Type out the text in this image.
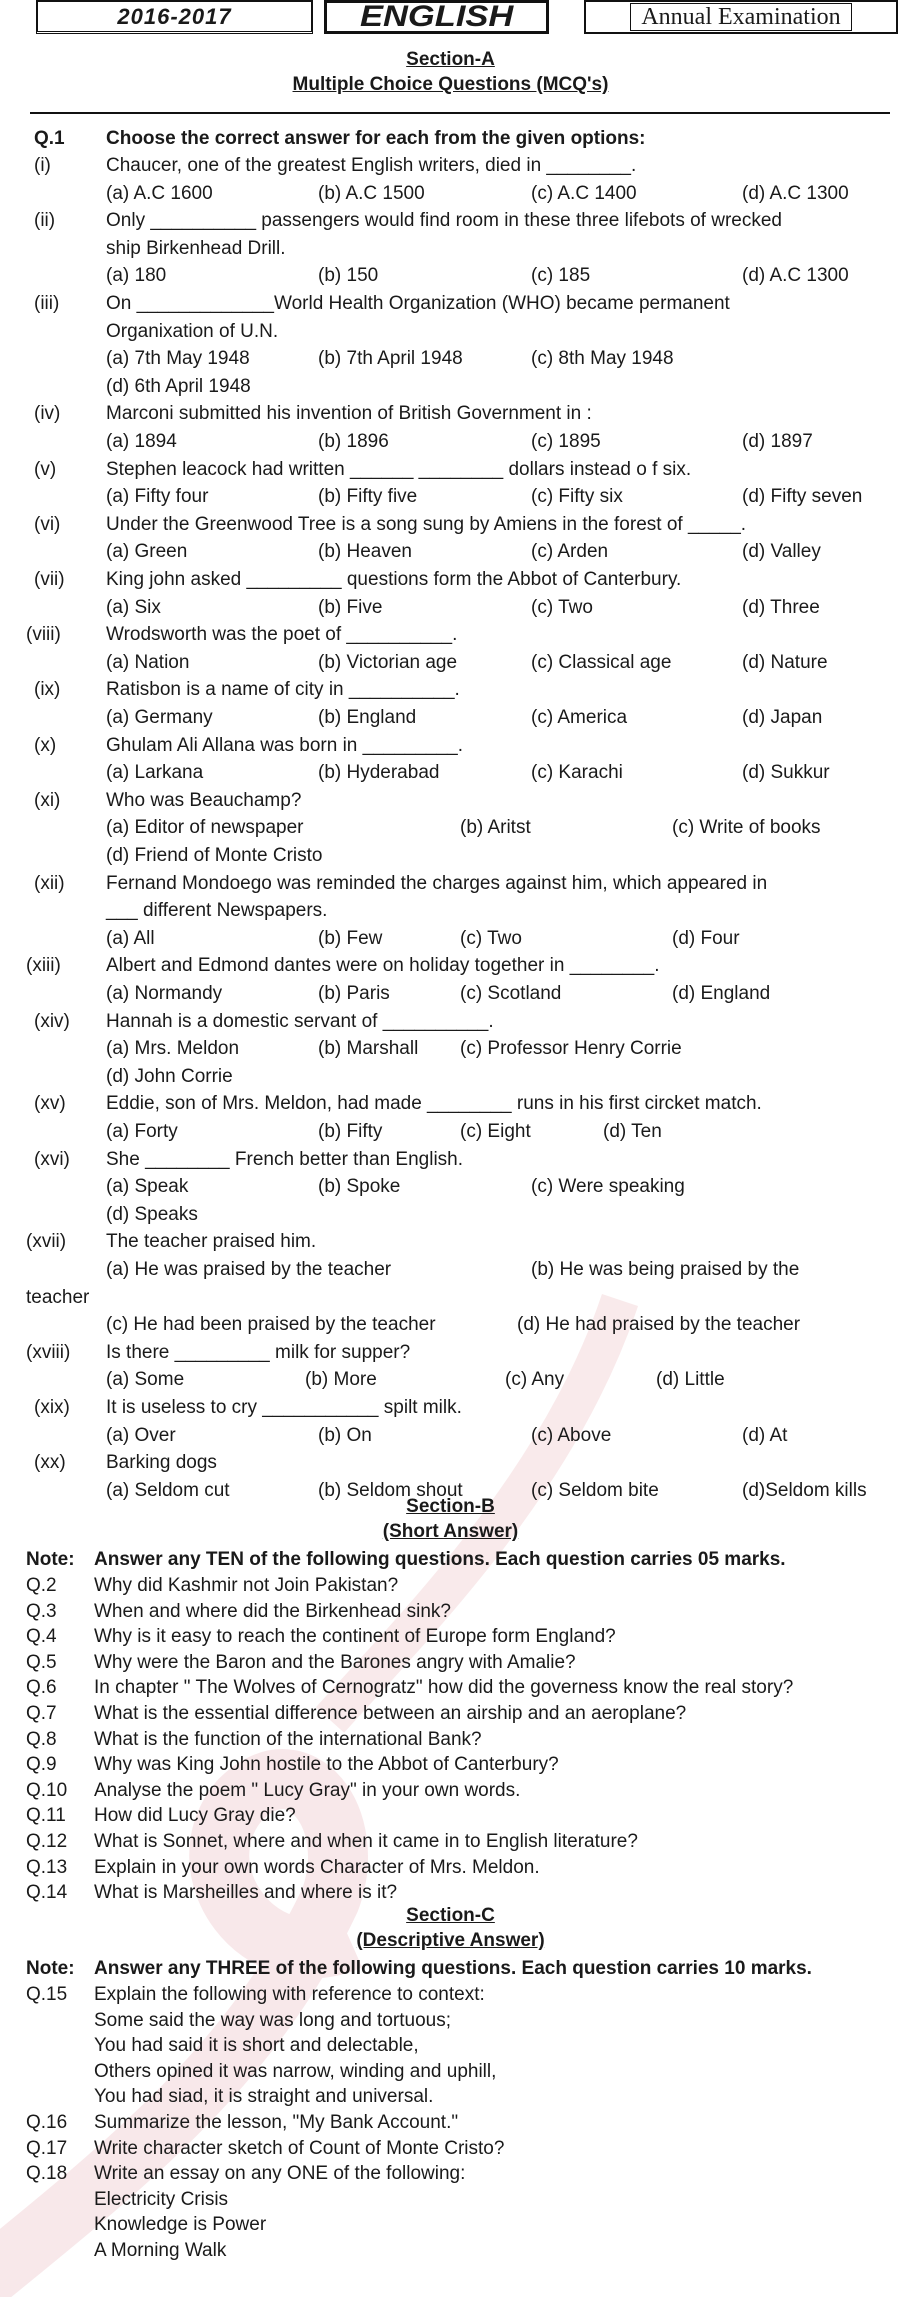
2016-2017	ENGLISH	Annual Examination
Section-A
Multiple Choice Questions (MCQ's)
Q.1 Choose the correct answer for each from the given options:
(i)	Chaucer, one of the greatest English writers, died in ________.
(a) A.C 1600	(b) A.C 1500	(c) A.C 1400	(d) A.C 1300
(ii)	Only __________ passengers would find room in these three lifebots of wrecked
ship Birkenhead Drill.
(a) 180	(b) 150	(c) 185	(d) A.C 1300
(iii) On _____________World Health Organization (WHO) became permanent
Organixation of U.N.
(a) 7th May 1948	(b) 7th April 1948	(c) 8th May 1948
(d) 6th April 1948
(iv) Marconi submitted his invention of British Government in :
(a) 1894	(b) 1896	(c) 1895	(d) 1897
(v)	Stephen leacock had written ______ ________ dollars instead o f six.
(a) Fifty four	(b) Fifty five	(c) Fifty six	(d) Fifty seven
(vi) Under the Greenwood Tree is a song sung by Amiens in the forest of _____.
(a) Green	(b) Heaven	(c) Arden	(d) Valley
(vii) King john asked _________ questions form the Abbot of Canterbury.
(a) Six	(b) Five	(c) Two	(d) Three
(viii) Wrodsworth was the poet of __________.
(a) Nation	(b) Victorian age	(c) Classical age	(d) Nature
(ix) Ratisbon is a name of city in __________.
(a) Germany	(b) England	(c) America	(d) Japan
(x)	Ghulam Ali Allana was born in _________.
(a) Larkana	(b) Hyderabad	(c) Karachi	(d) Sukkur
(xi) Who was Beauchamp?
(a) Editor of newspaper	(b) Aritst	(c) Write of books
(d) Friend of Monte Cristo
(xii) Fernand Mondoego was reminded the charges against him, which appeared in
___ different Newspapers.
(a) All	(b) Few	(c) Two	(d) Four
(xiii) Albert and Edmond dantes were on holiday together in ________.
(a) Normandy	(b) Paris	(c) Scotland	(d) England
(xiv) Hannah is a domestic servant of __________.
(a) Mrs. Meldon	(b) Marshall (c) Professor Henry Corrie
(d) John Corrie
(xv) Eddie, son of Mrs. Meldon, had made ________ runs in his first circket match.
(a) Forty	(b) Fifty	(c) Eight	(d) Ten
(xvi) She ________ French better than English.
(a) Speak	(b) Spoke	(c) Were speaking
(d) Speaks
(xvii) The teacher praised him.
(a) He was praised by the teacher	(b) He was being praised by the
teacher
(c) He had been praised by the teacher	(d) He had praised by the teacher
(xviii) Is there _________ milk for supper?
(a) Some	(b) More	(c) Any	(d) Little
(xix) It is useless to cry ___________ spilt milk.
(a) Over	(b) On	(c) Above	(d) At
(xx) Barking dogs
(a) Seldom cut	(b) Seldom shout	(c) Seldom bite	(d)Seldom kills
Section-B
(Short Answer)
Note: Answer any TEN of the following questions. Each question carries 05 marks.
Q.2 Why did Kashmir not Join Pakistan?
Q.3 When and where did the Birkenhead sink?
Q.4 Why is it easy to reach the continent of Europe form England?
Q.5 Why were the Baron and the Barones angry with Amalie?
Q.6 In chapter " The Wolves of Cernogratz" how did the governess know the real story?
Q.7 What is the essential difference between an airship and an aeroplane?
Q.8 What is the function of the international Bank?
Q.9 Why was King John hostile to the Abbot of Canterbury?
Q.10 Analyse the poem " Lucy Gray" in your own words.
Q.11 How did Lucy Gray die?
Q.12 What is Sonnet, where and when it came in to English literature?
Q.13 Explain in your own words Character of Mrs. Meldon.
Q.14 What is Marsheilles and where is it?
Section-C
(Descriptive Answer)
Note: Answer any THREE of the following questions. Each question carries 10 marks.
Q.15 Explain the following with reference to context:
Some said the way was long and tortuous;
You had said it is short and delectable,
Others opined it was narrow, winding and uphill,
You had siad, it is straight and universal.
Q.16 Summarize the lesson, "My Bank Account."
Q.17 Write character sketch of Count of Monte Cristo?
Q.18 Write an essay on any ONE of the following:
Electricity Crisis
Knowledge is Power
A Morning Walk
